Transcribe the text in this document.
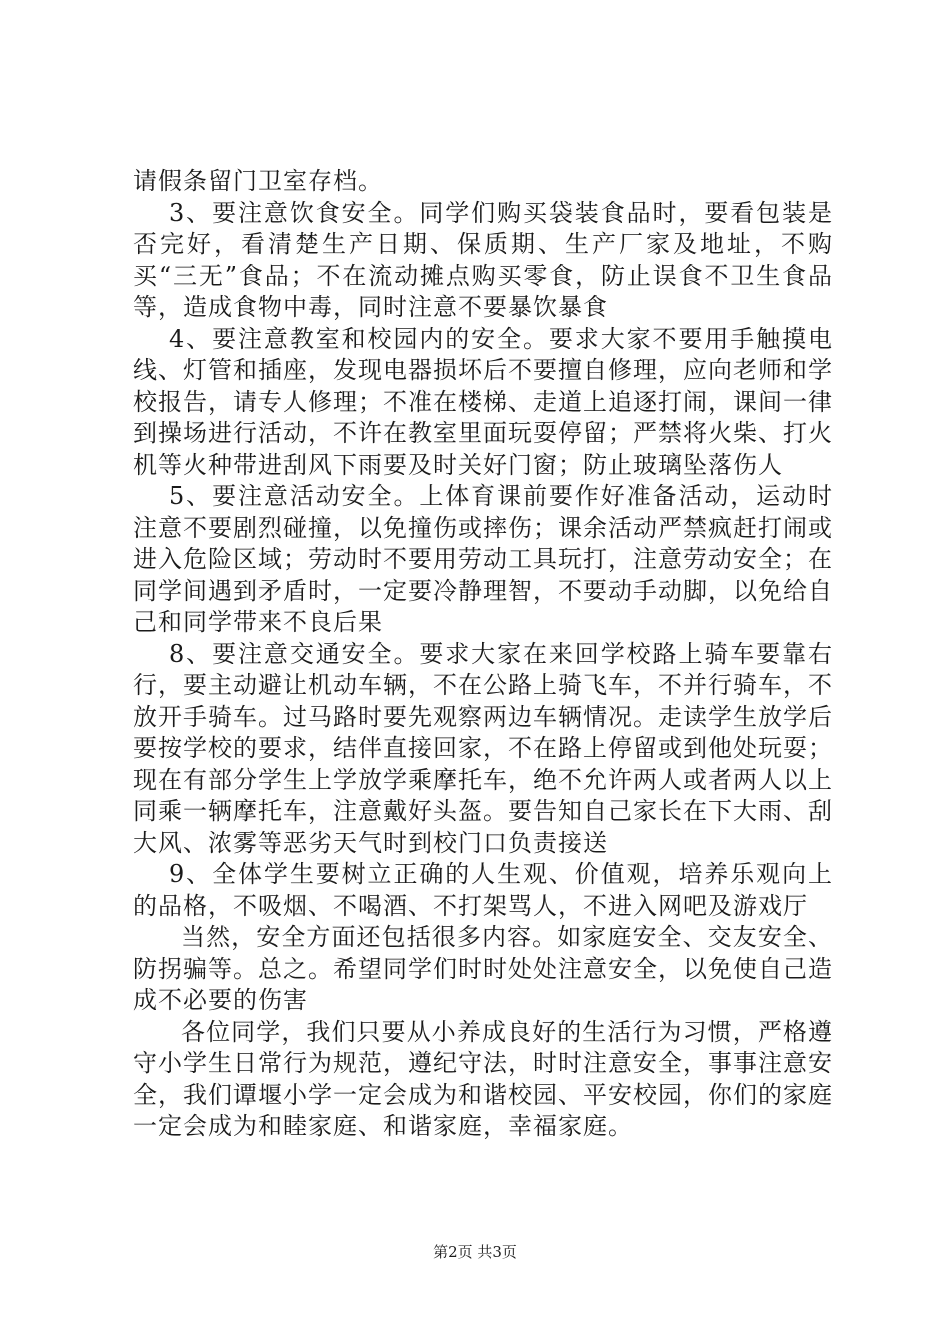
请假条留门卫室存档。

3、要注意饮食安全。同学们购买袋装食品时，要看包装是否完好，看清楚生产日期、保质期、生产厂家及地址，不购买“三无”食品；不在流动摊点购买零食，防止误食不卫生食品等，造成食物中毒，同时注意不要暴饮暴食

4、要注意教室和校园内的安全。要求大家不要用手触摸电线、灯管和插座，发现电器损坏后不要擅自修理，应向老师和学校报告，请专人修理；不准在楼梯、走道上追逐打闹，课间一律到操场进行活动，不许在教室里面玩耍停留；严禁将火柴、打火机等火种带进刮风下雨要及时关好门窗；防止玻璃坠落伤人

5、要注意活动安全。上体育课前要作好准备活动，运动时注意不要剧烈碰撞，以免撞伤或摔伤；课余活动严禁疯赶打闹或进入危险区域；劳动时不要用劳动工具玩打，注意劳动安全；在同学间遇到矛盾时，一定要冷静理智，不要动手动脚，以免给自己和同学带来不良后果

8、要注意交通安全。要求大家在来回学校路上骑车要靠右行，要主动避让机动车辆，不在公路上骑飞车，不并行骑车，不放开手骑车。过马路时要先观察两边车辆情况。走读学生放学后要按学校的要求，结伴直接回家，不在路上停留或到他处玩耍；现在有部分学生上学放学乘摩托车，绝不允许两人或者两人以上同乘一辆摩托车，注意戴好头盔。要告知自己家长在下大雨、刮大风、浓雾等恶劣天气时到校门口负责接送

9、全体学生要树立正确的人生观、价值观，培养乐观向上的品格，不吸烟、不喝酒、不打架骂人，不进入网吧及游戏厅

当然，安全方面还包括很多内容。如家庭安全、交友安全、防拐骗等。总之。希望同学们时时处处注意安全，以免使自己造成不必要的伤害

各位同学，我们只要从小养成良好的生活行为习惯，严格遵守小学生日常行为规范，遵纪守法，时时注意安全，事事注意安全，我们谭堰小学一定会成为和谐校园、平安校园，你们的家庭一定会成为和睦家庭、和谐家庭，幸福家庭。

第2页 共3页
